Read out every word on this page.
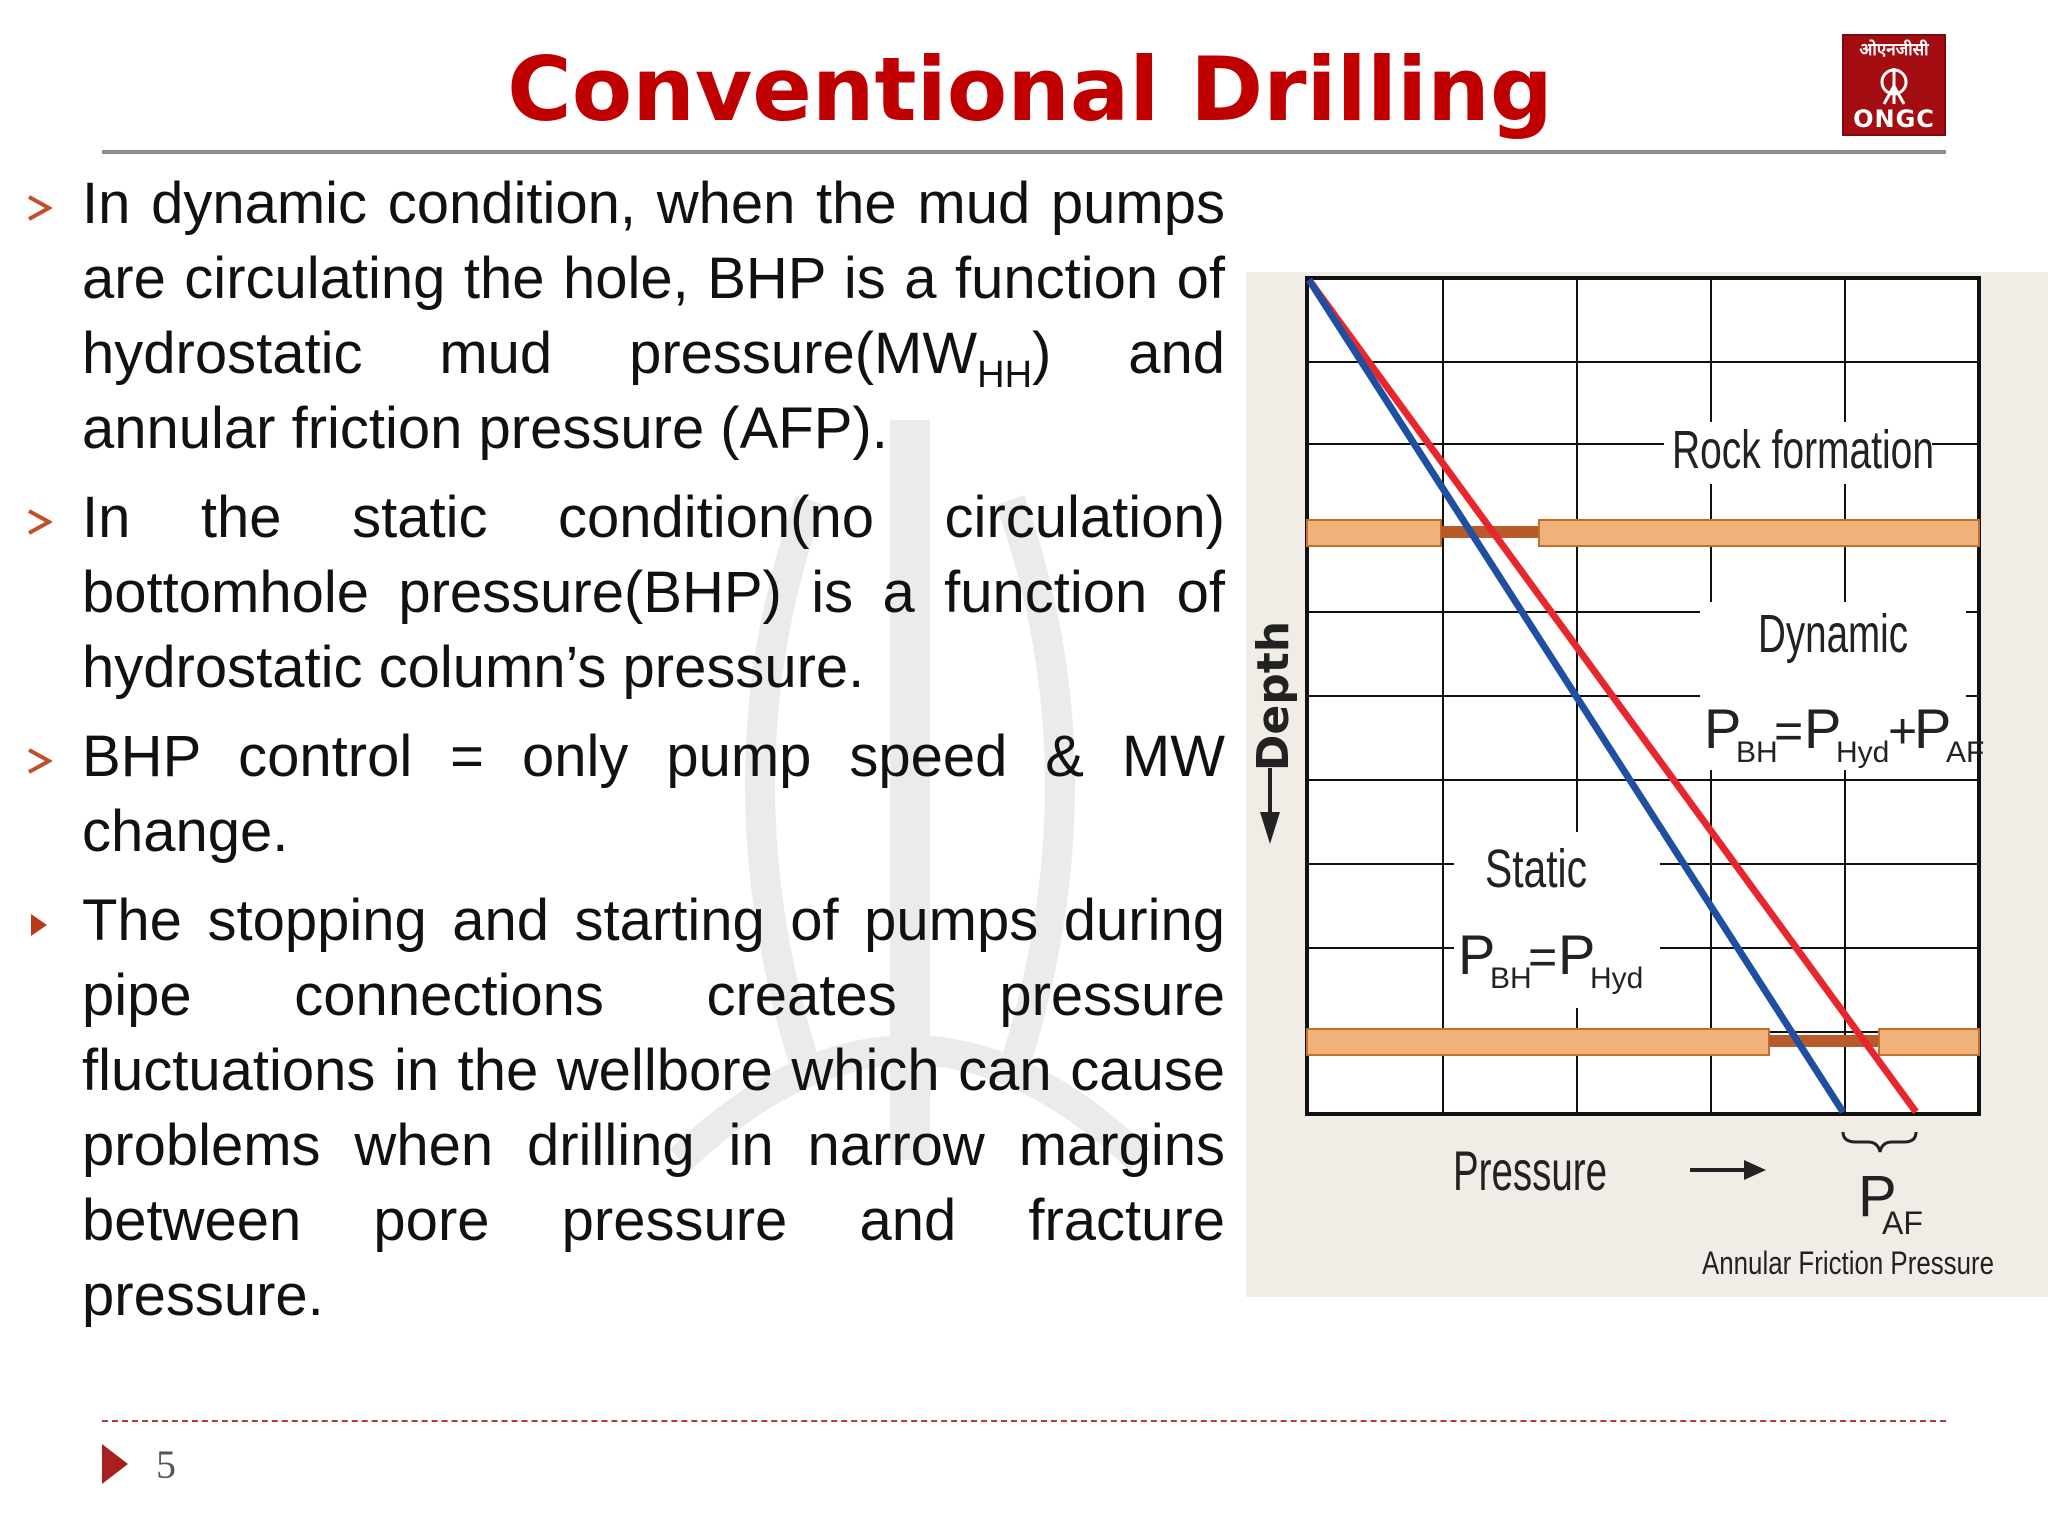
Conventional Drilling	ओएनजीसी
ONGC
In dynamic condition, when the mud pumps are circulating the hole, BHP is a function of hydrostatic mud $pressure(MW_{HH})$ and annular friction pressure (AFP).
In the static condition(no circulation) bottomhole pressure(BHP) is a function of hydrostatic column’s pressure.
BHP control = only pump speed & MW change.
The stopping and starting of pumps during pipe connections creates pressure fluctuations in the wellbore which can cause problems when drilling in narrow margins between pore pressure and fracture pressure.
Rock formation
Dynamic
P
BH
= P
Hyd
+
P
AF
Static
P
BH
= P
Hyd
Depth
Pressure	P
AF
Annular Friction Pressure
5
